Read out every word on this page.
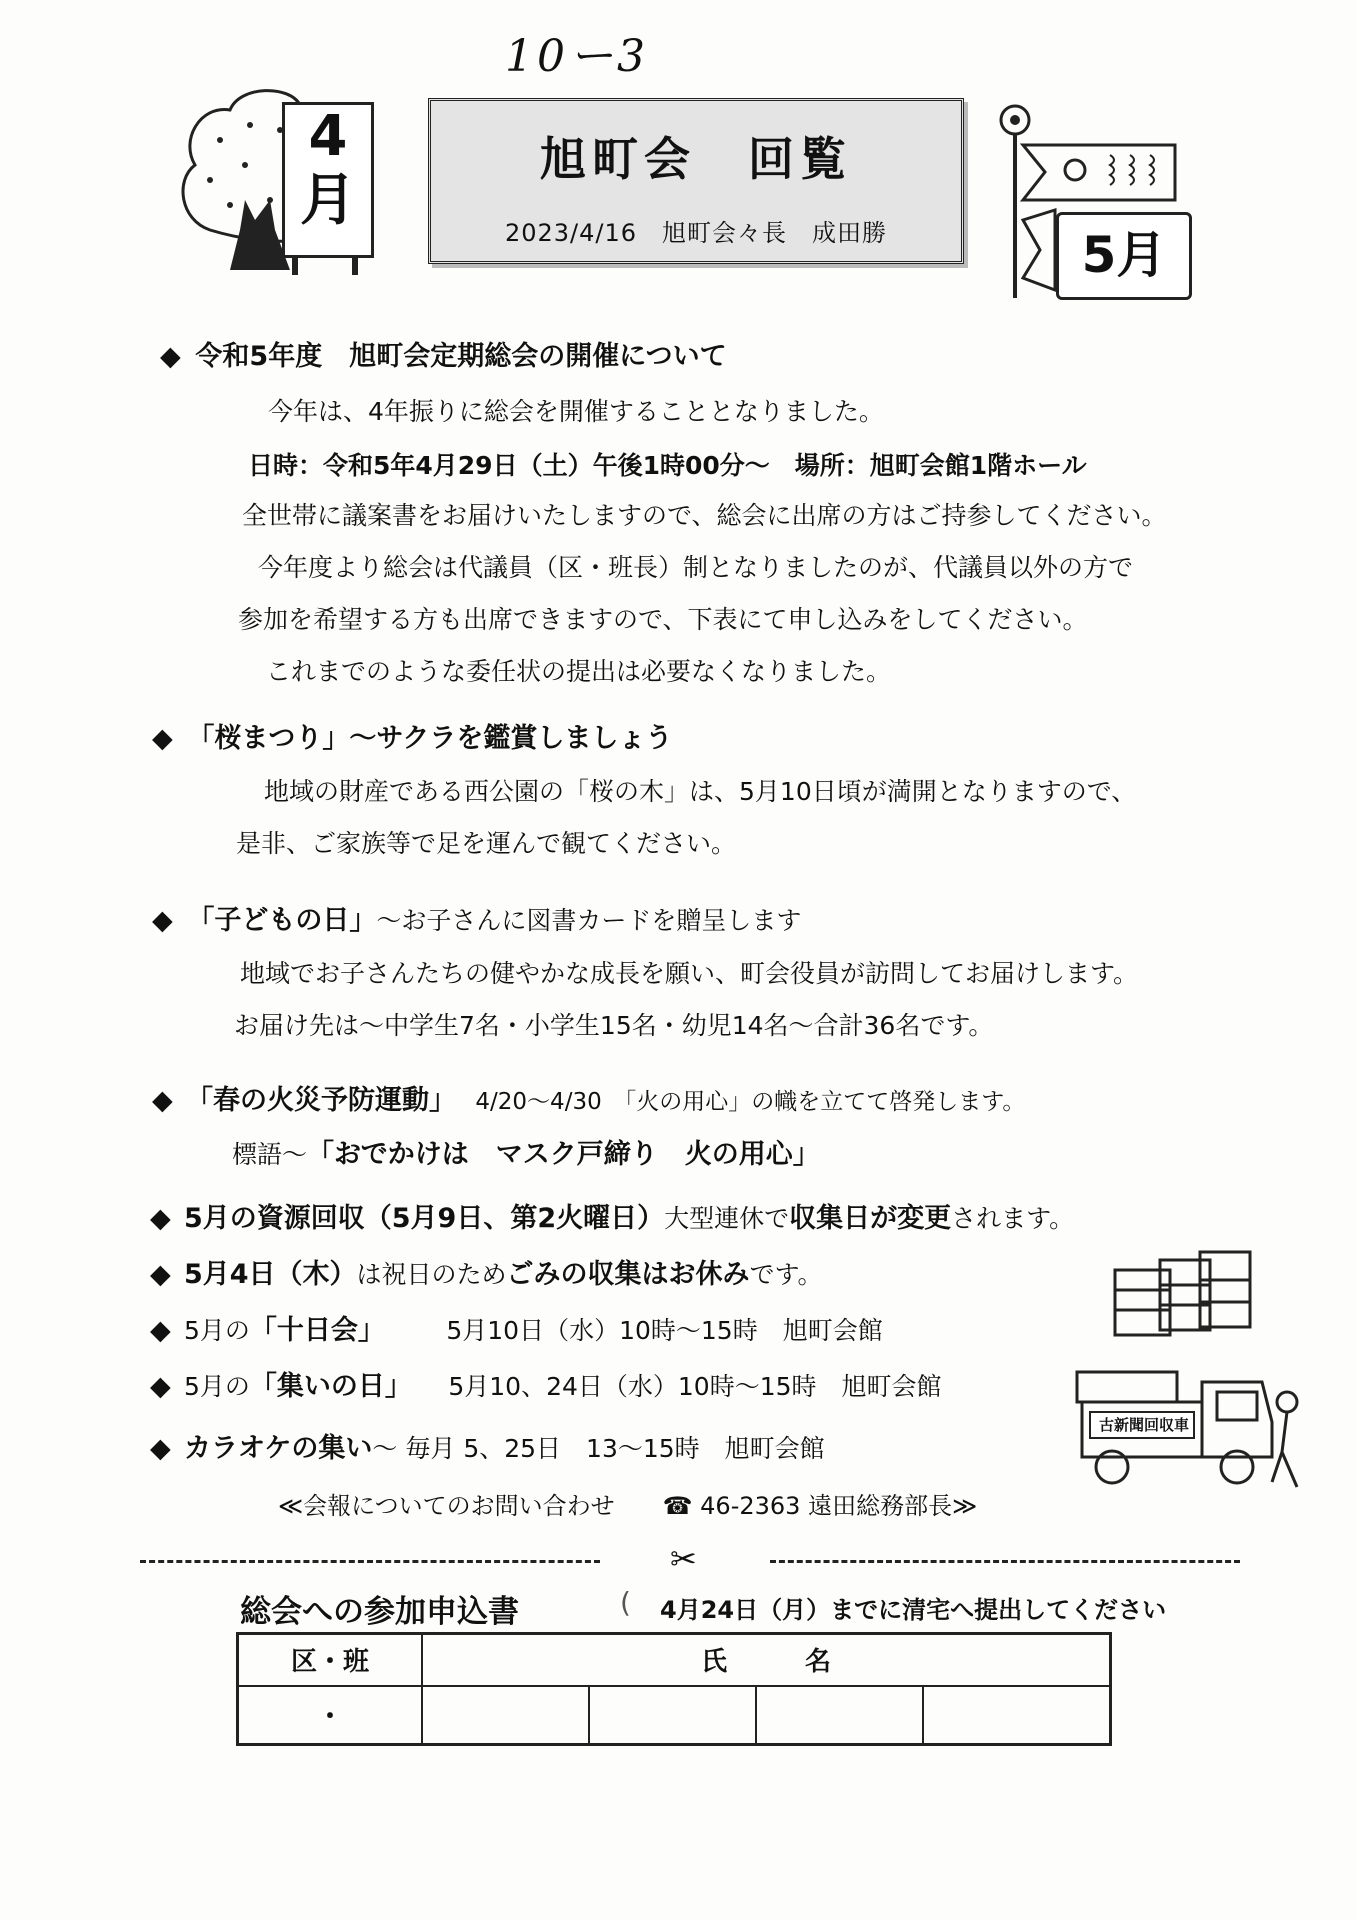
10ー3
4
月
旭町会　回覧
2023/4/16　旭町会々長　成田勝	5月
◆ 令和5年度　旭町会定期総会の開催について
今年は、4年振りに総会を開催することとなりました。
日時：令和5年4月29日（土）午後1時00分～　場所：旭町会館1階ホール
全世帯に議案書をお届けいたしますので、総会に出席の方はご持参してください。
今年度より総会は代議員（区・班長）制となりましたのが、代議員以外の方で
参加を希望する方も出席できますので、下表にて申し込みをしてください。
これまでのような委任状の提出は必要なくなりました。
◆ 「桜まつり」～サクラを鑑賞しましょう
地域の財産である西公園の「桜の木」は、5月10日頃が満開となりますので、
是非、ご家族等で足を運んで観てください。
◆ 「子どもの日」～お子さんに図書カードを贈呈します
地域でお子さんたちの健やかな成長を願い、町会役員が訪問してお届けします。
お届け先は～中学生7名・小学生15名・幼児14名～合計36名です。
◆ 「春の火災予防運動」　 4/20～4/30　「火の用心」の幟を立てて啓発します。
標語～「おでかけは　マスク戸締り　火の用心」
◆ 5月の資源回収（5月9日、第2火曜日）大型連休で収集日が変更されます。
◆ 5月4日（木）は祝日のためごみの収集はお休みです。
◆ 5月の「十日会」　　　	5月10日（水）10時～15時　旭町会館
◆ 5月の「集いの日」　　 5月10、24日（水）10時～15時　旭町会館
◆ カラオケの集い～ 毎月 5、25日　13～15時　旭町会館
≪会報についてのお問い合わせ　　☎ 46-2363 遠田総務部長≫
古新聞回収車
✂
総会への参加申込書	( 4月24日（月）までに清宅へ提出してください
区・班	氏　　　名			
・				
